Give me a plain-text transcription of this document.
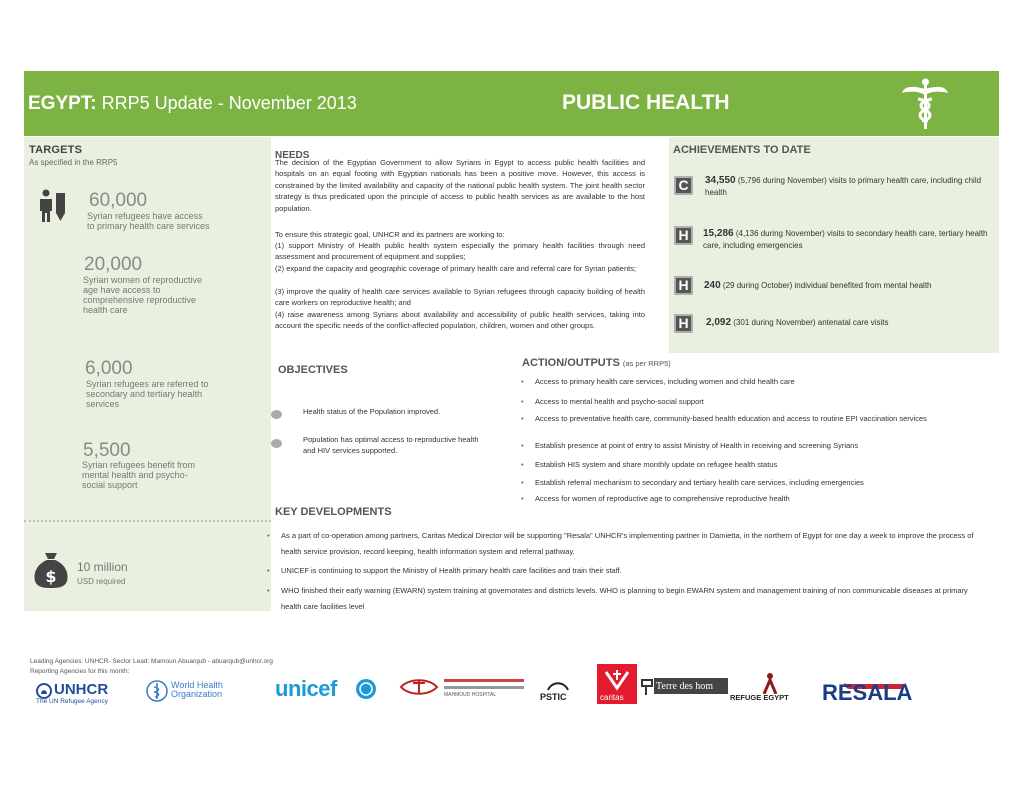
EGYPT: RRP5 Update - November 2013	PUBLIC HEALTH
TARGETS
As specified in the RRP5
60,000
Syrian refugees have access to primary health care services
20,000
Syrian women of reproductive age have access to comprehensive reproductive health care
6,000
Syrian refugees are referred to secondary and tertiary health services
5,500
Syrian refugees benefit from mental health and psycho-social support
$ 10 million
USD required
NEEDS
The decision of the Egyptian Government to allow Syrians in Egypt to access public health facilities and hospitals on an equal footing with Egyptian nationals has been a positive move. However, this access is constrained by the limited availability and capacity of the national public health system. The joint health sector strategy is thus predicated upon the principle of access to public health services as are available to the host population.
To ensure this strategic goal, UNHCR and its partners are working to:
(1) support Ministry of Health public health system especially the primary health facilities through need assessment and procurement of equipment and supplies;
(2) expand the capacity and geographic coverage of primary health care and referral care for Syrian patients;
(3) improve the quality of health care services available to Syrian refugees through capacity building of health care workers on reproductive health; and
(4) raise awareness among Syrians about availability and accessibility of public health services, taking into account the specific needs of the conflict-affected population, children, women and other groups.
ACHIEVEMENTS TO DATE
C	34,550 (5,796 during November) visits to primary health care, including child health
H	15,286 (4,136 during November) visits to secondary health care, tertiary health care, including emergencies
H	240 (29 during October) individual benefited from mental health
H	2,092 (301 during November) antenatal care visits
OBJECTIVES
Health status of the Population improved.
Population has optimal access to reproductive health and HIV services supported.
ACTION/OUTPUTS (as per RRP5)
• Access to primary health care services, including women and child health care
• Access to mental health and psycho-social support
• Access to preventative health care, community-based health education and access to routine EPI vaccination services
• Establish presence at point of entry to assist Ministry of Health in receiving and screening Syrians
• Establish HIS system and share monthly update on refugee health status
• Establish referral mechanism to secondary and tertiary health care services, including emergencies
• Access for women of reproductive age to comprehensive reproductive health
KEY DEVELOPMENTS
• As a part of co-operation among partners, Caritas Medical Director will be supporting "Resala" UNHCR's implementing partner in Damietta, in the northern of Egypt for one day a week to improve the process of health service provision, record keeping, health information system and referral pathway.
• UNICEF is continuing to support the Ministry of Health primary health care facilities and train their staff.
• WHO finished their early warning (EWARN) system training at governorates and districts levels. WHO is planning to begin EWARN system and management training of non communicable diseases at primary health care facilities level
Leading Agencies: UNHCR- Sector Lead: Mamoun Abuarqub - abuarqub@unhcr.org
Reporting Agencies for this month:
UNHCR
The UN Refugee Agency
World Health Organization	unicef	MAHMOUD HOSPITAL	PSTIC	caritas
Terre des hom
REFUGE EGYPT RESALA
